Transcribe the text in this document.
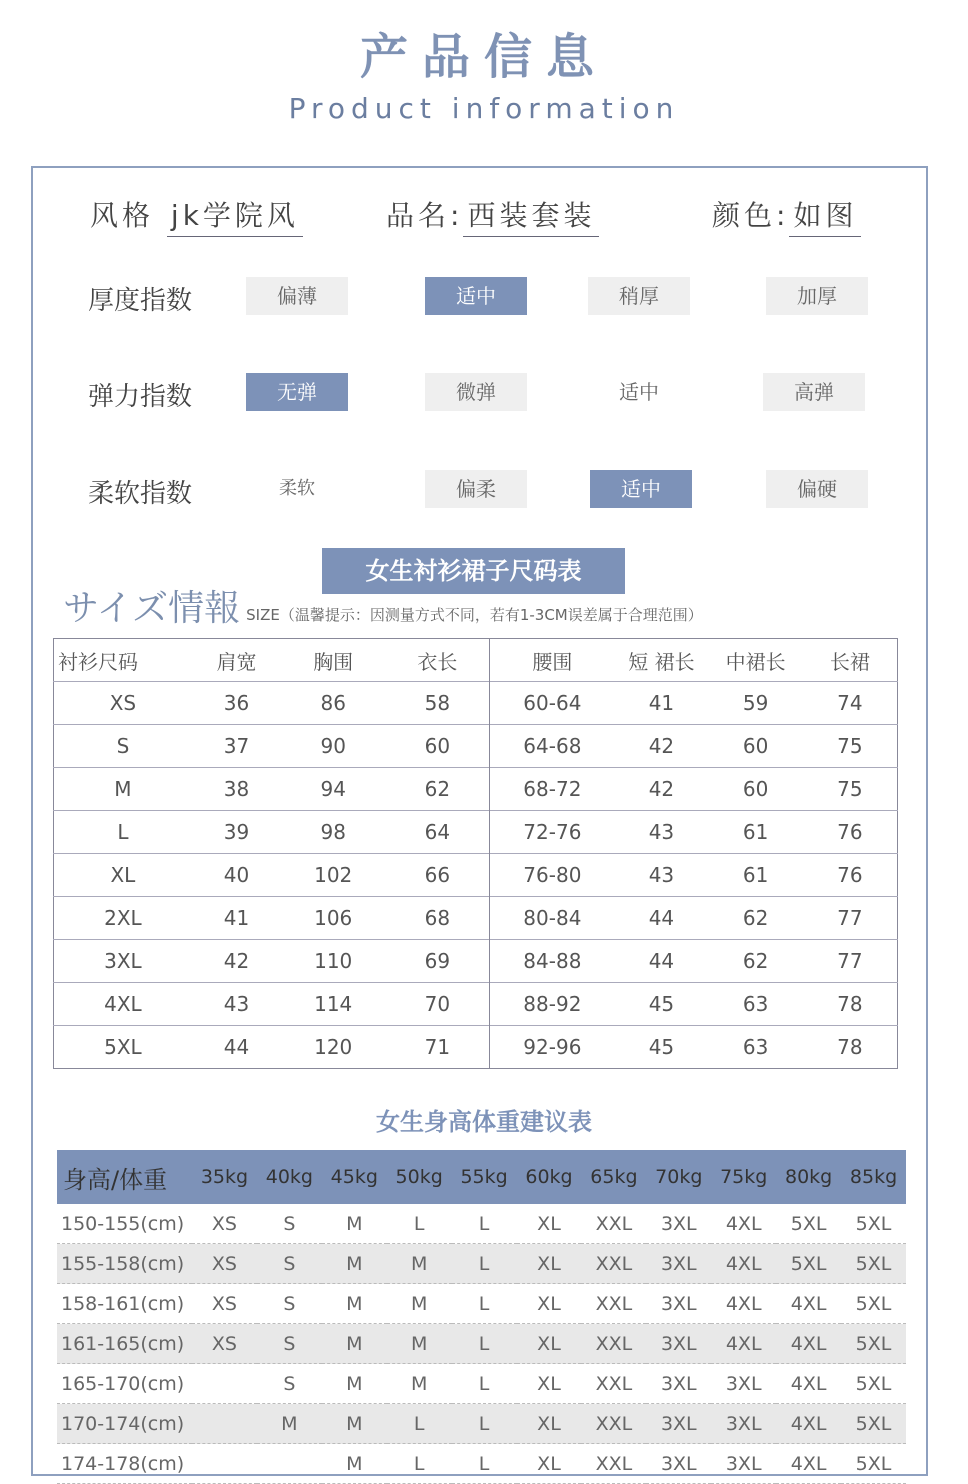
产品信息
Product information
风格 jk学院风	品名: 西装套装	颜色: 如图
厚度指数	偏薄	适中	稍厚	加厚
弹力指数	无弹	微弹	适中	高弹
柔软指数	柔软	偏柔	适中	偏硬
女生衬衫裙子尺码表
サイズ情報 SIZE（温馨提示：因测量方式不同，若有1-3CM误差属于合理范围）
衬衫尺码	肩宽	胸围	衣长	腰围	短 裙长	中裙长	长裙
XS	36	86	58	60-64	41	59	74
S	37	90	60	64-68	42	60	75
M	38	94	62	68-72	42	60	75
L	39	98	64	72-76	43	61	76
XL	40	102	66	76-80	43	61	76
2XL	41	106	68	80-84	44	62	77
3XL	42	110	69	84-88	44	62	77
4XL	43	114	70	88-92	45	63	78
5XL	44	120	71	92-96	45	63	78
女生身高体重建议表
身高/体重	35kg	40kg	45kg	50kg	55kg	60kg	65kg	70kg	75kg	80kg	85kg
150-155(cm)	XS	S	M	L	L	XL	XXL	3XL	4XL	5XL	5XL
155-158(cm)	XS	S	M	M	L	XL	XXL	3XL	4XL	5XL	5XL
158-161(cm)	XS	S	M	M	L	XL	XXL	3XL	4XL	4XL	5XL
161-165(cm)	XS	S	M	M	L	XL	XXL	3XL	4XL	4XL	5XL
165-170(cm)		S	M	M	L	XL	XXL	3XL	3XL	4XL	5XL
170-174(cm)		M	M	L	L	XL	XXL	3XL	3XL	4XL	5XL
174-178(cm)			M	L	L	XL	XXL	3XL	3XL	4XL	5XL
